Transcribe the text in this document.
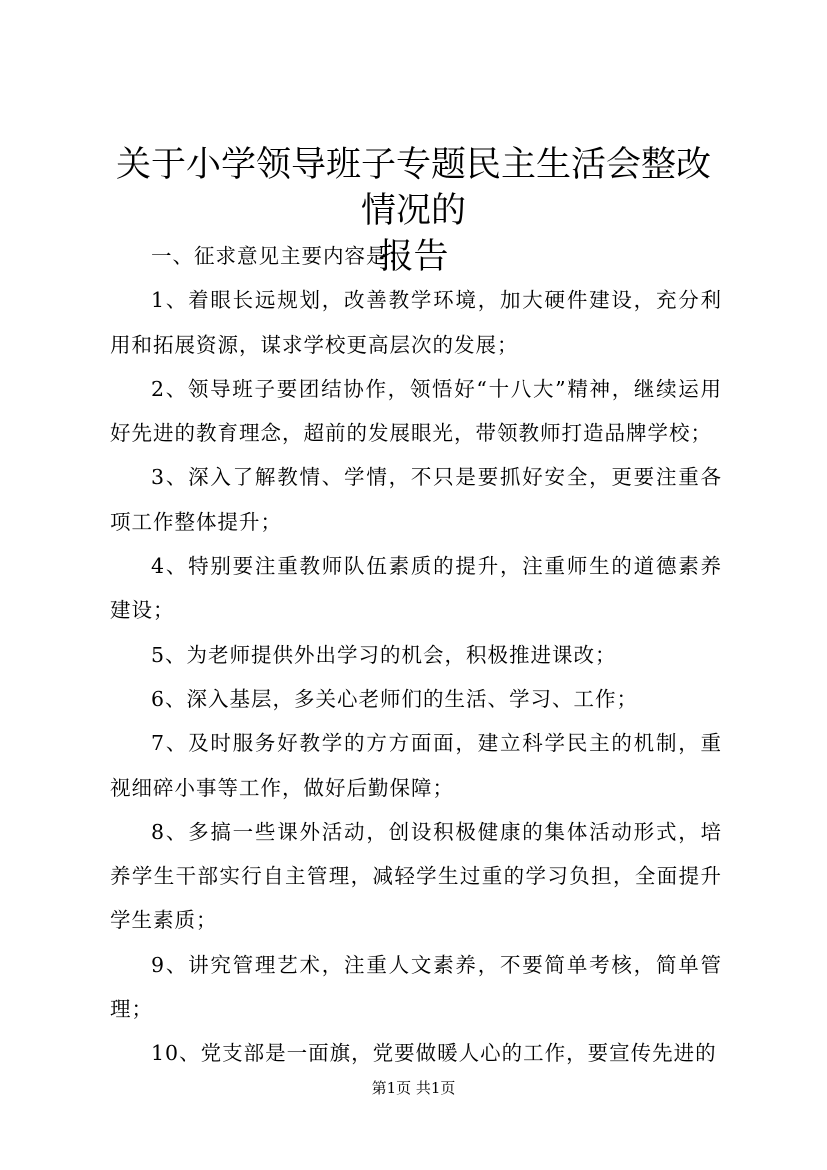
关于小学领导班子专题民主生活会整改情况的
报告

一、征求意见主要内容是：

1、着眼长远规划，改善教学环境，加大硬件建设，充分利用和拓展资源，谋求学校更高层次的发展；

2、领导班子要团结协作，领悟好“十八大”精神，继续运用好先进的教育理念，超前的发展眼光，带领教师打造品牌学校；

3、深入了解教情、学情，不只是要抓好安全，更要注重各项工作整体提升；

4、特别要注重教师队伍素质的提升，注重师生的道德素养建设；

5、为老师提供外出学习的机会，积极推进课改；

6、深入基层，多关心老师们的生活、学习、工作；

7、及时服务好教学的方方面面，建立科学民主的机制，重视细碎小事等工作，做好后勤保障；

8、多搞一些课外活动，创设积极健康的集体活动形式，培养学生干部实行自主管理，减轻学生过重的学习负担，全面提升学生素质；

9、讲究管理艺术，注重人文素养，不要简单考核，简单管理；

10、党支部是一面旗，党要做暖人心的工作，要宣传先进的

第1页 共1页
